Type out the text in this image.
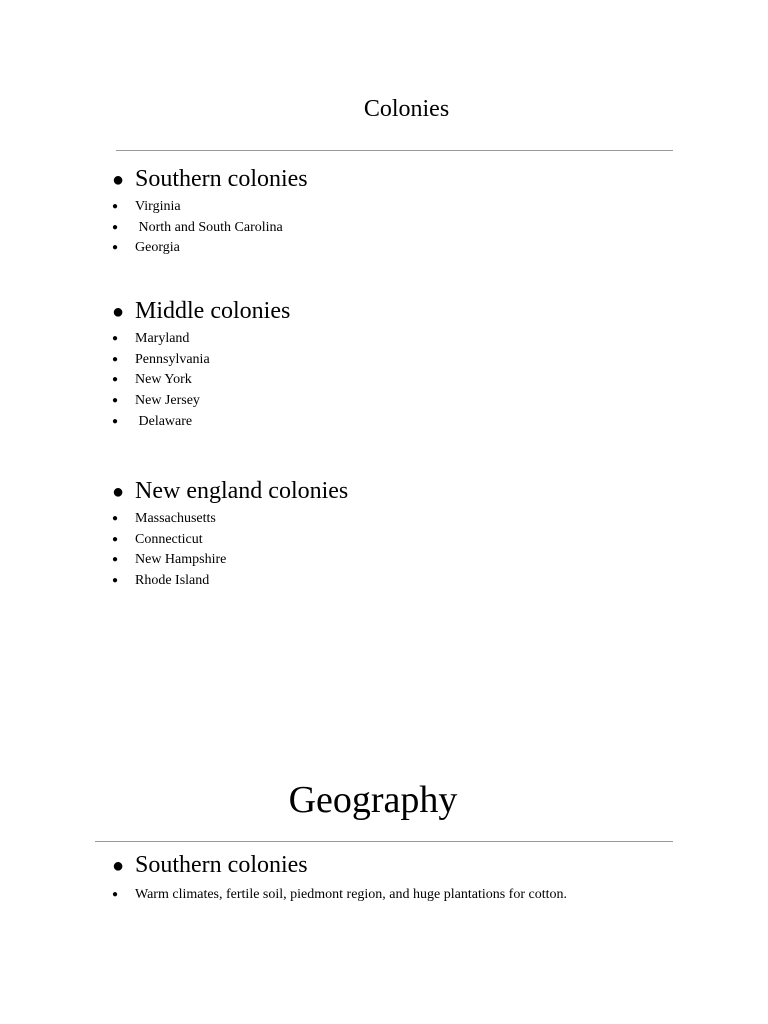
Colonies
● Southern colonies
● Virginia
● North and South Carolina
● Georgia
● Middle colonies
● Maryland
● Pennsylvania
● New York
● New Jersey
● Delaware
● New england colonies
● Massachusetts
● Connecticut
● New Hampshire
● Rhode Island
Geography
● Southern colonies
● Warm climates, fertile soil, piedmont region, and huge plantations for cotton.
